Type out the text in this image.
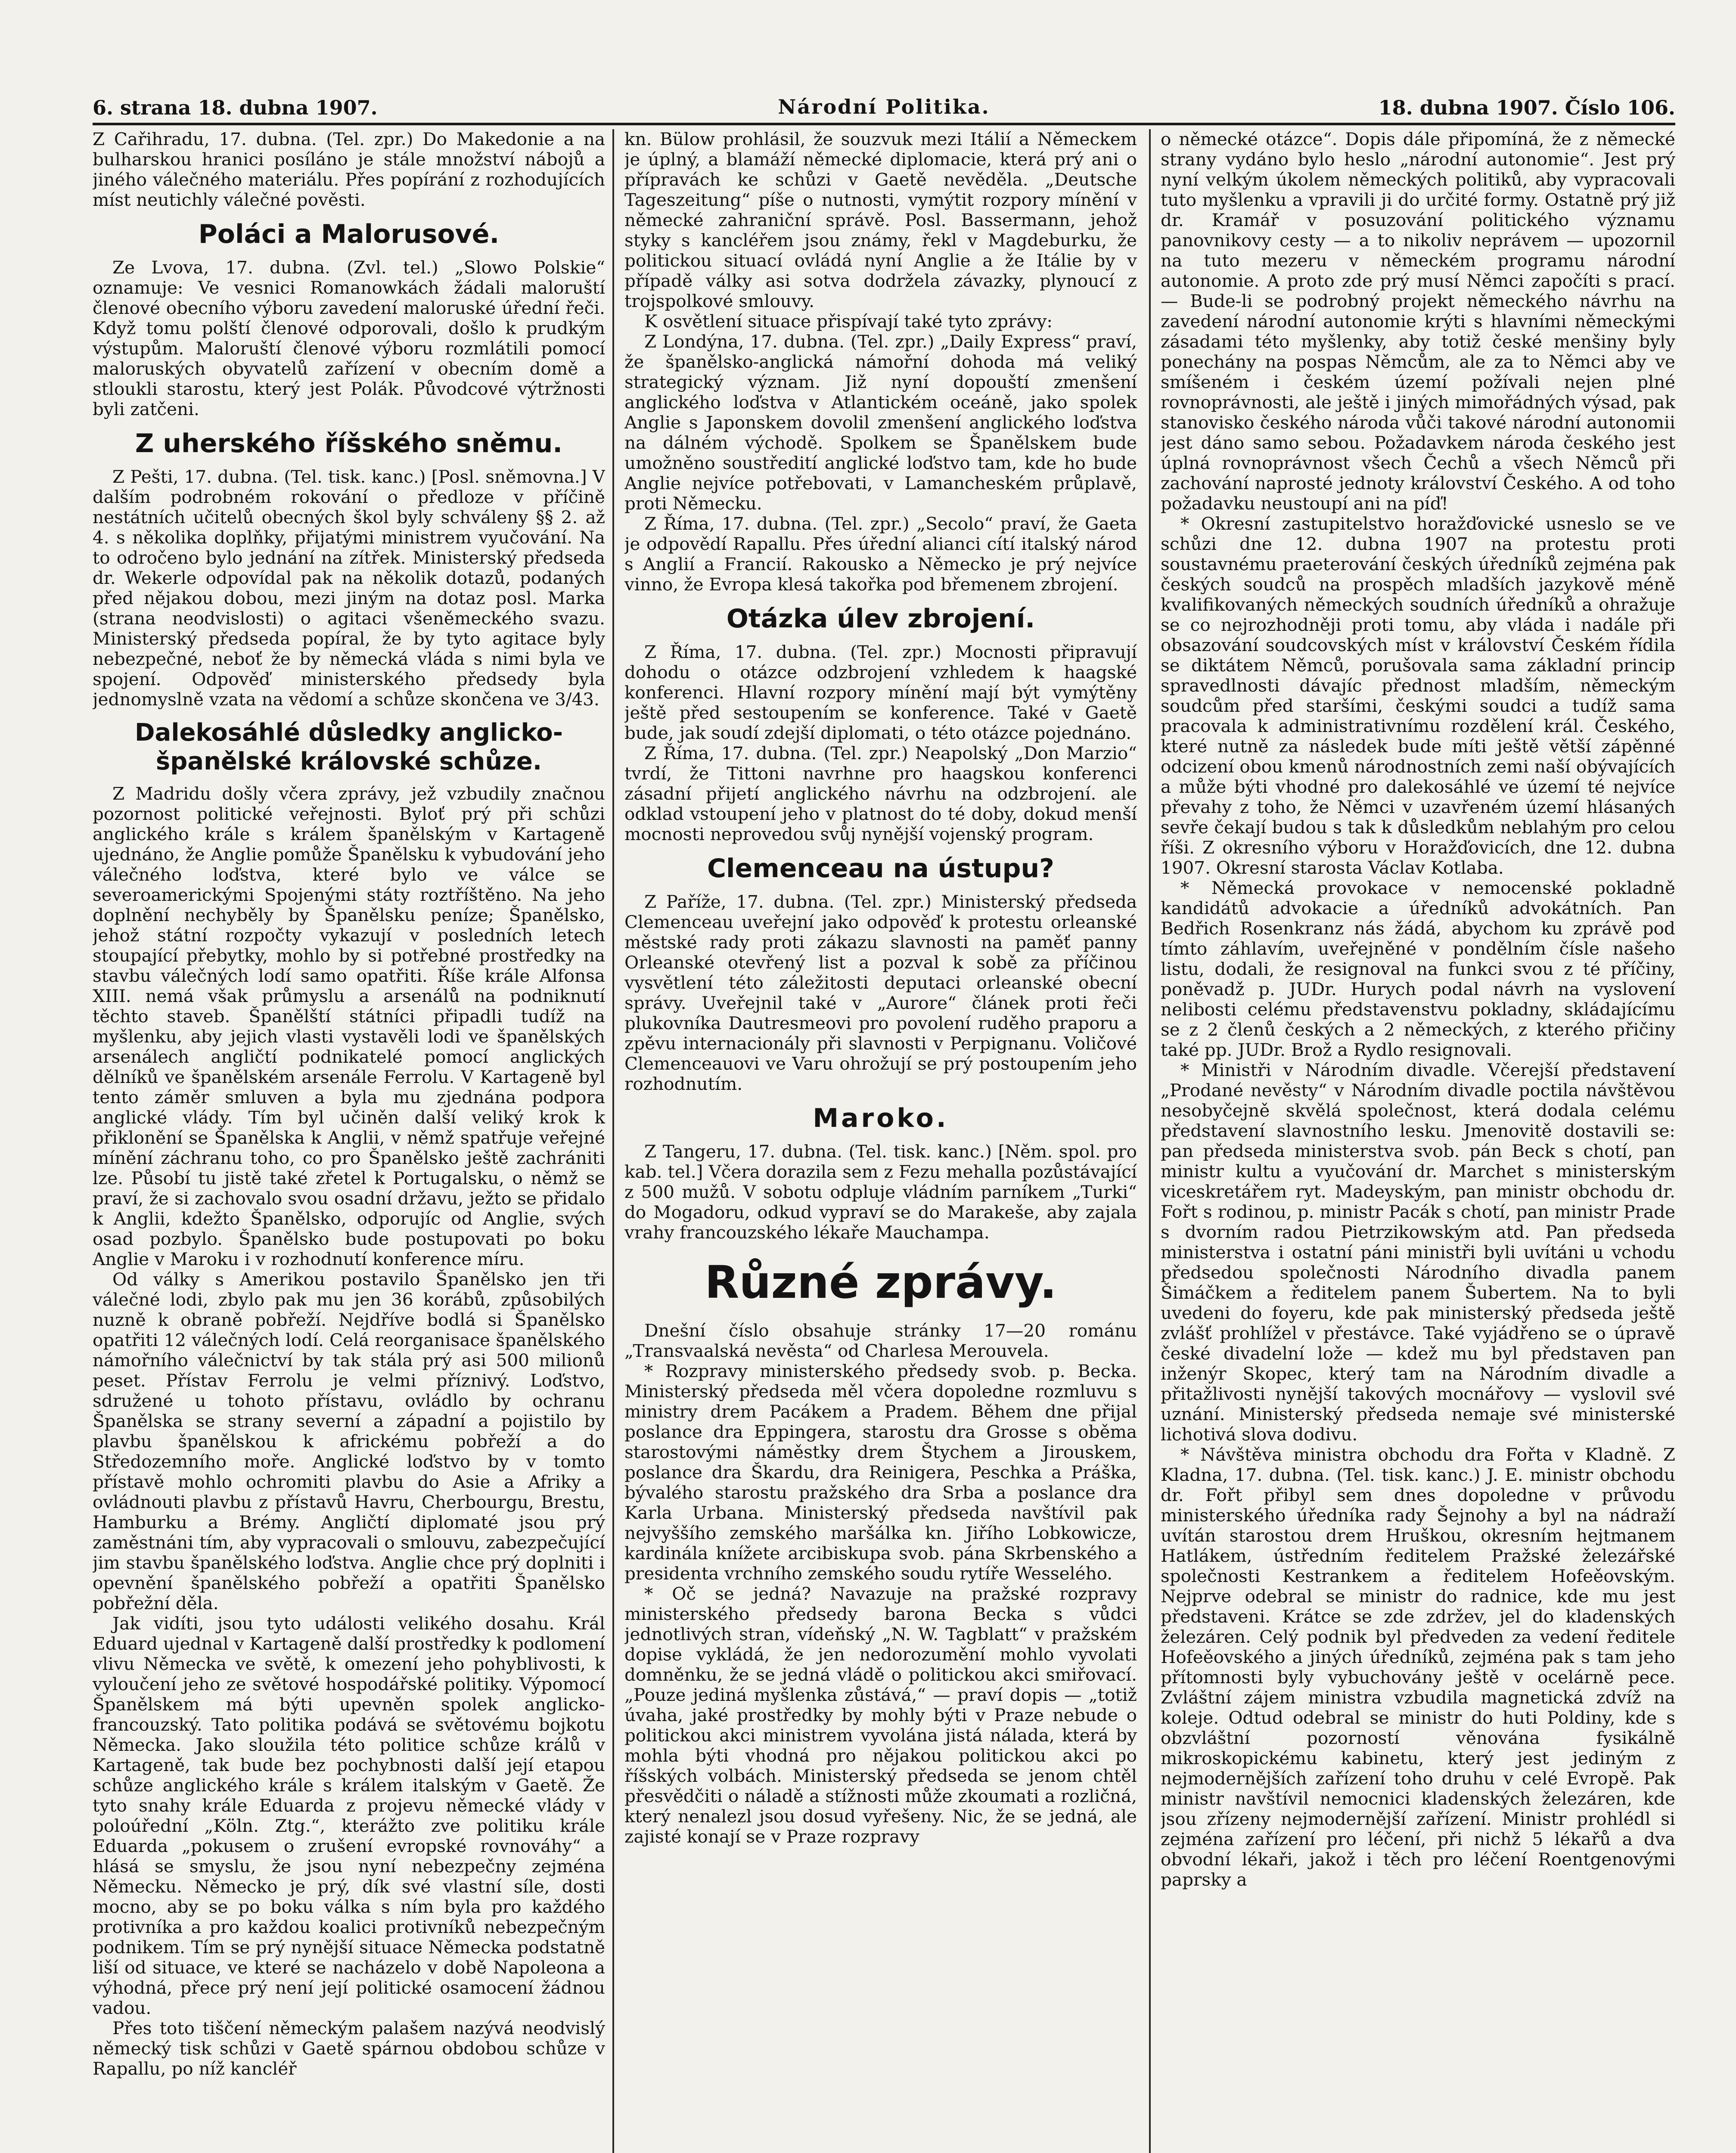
6. strana 18. dubna 1907.	Národní Politika.	18. dubna 1907. Číslo 106.

Z Cařihradu, 17. dubna. (Tel. zpr.) Do Makedonie a na bulharskou hranici posíláno je stále množství nábojů a jiného válečného materiálu. Přes popírání z rozhodujících míst neutichly válečné pověsti.

Poláci a Malorusové.

Ze Lvova, 17. dubna. (Zvl. tel.) „Slowo Polskie“ oznamuje: Ve vesnici Romanowkách žádali maloruští členové obecního výboru zavedení maloruské úřední řeči. Když tomu polští členové odporovali, došlo k prudkým výstupům. Maloruští členové výboru rozmlátili pomocí maloruských obyvatelů zařízení v obecním domě a stloukli starostu, který jest Polák. Původcové výtržnosti byli zatčeni.

Z uherského říšského sněmu.

Z Pešti, 17. dubna. (Tel. tisk. kanc.) [Posl. sněmovna.] V dalším podrobném rokování o předloze v příčině nestátních učitelů obecných škol byly schváleny §§ 2. až 4. s několika doplňky, přijatými ministrem vyučování. Na to odročeno bylo jednání na zítřek. Ministerský předseda dr. Wekerle odpovídal pak na několik dotazů, podaných před nějakou dobou, mezi jiným na dotaz posl. Marka (strana neodvislosti) o agitaci všeněmeckého svazu. Ministerský předseda popíral, že by tyto agitace byly nebezpečné, neboť že by německá vláda s nimi byla ve spojení. Odpověď ministerského předsedy byla jednomyslně vzata na vědomí a schůze skončena ve 3/43.

Dalekosáhlé důsledky anglicko-španělské královské schůze.

Z Madridu došly včera zprávy, jež vzbudily značnou pozornost politické veřejnosti. Byloť prý při schůzi anglického krále s králem španělským v Kartageně ujednáno, že Anglie pomůže Španělsku k vybudování jeho válečného loďstva, které bylo ve válce se severoamerickými Spojenými státy roztříštěno. Na jeho doplnění nechyběly by Španělsku peníze; Španělsko, jehož státní rozpočty vykazují v posledních letech stoupající přebytky, mohlo by si potřebné prostředky na stavbu válečných lodí samo opatřiti. Říše krále Alfonsa XIII. nemá však průmyslu a arsenálů na podniknutí těchto staveb. Španělští státníci připadli tudíž na myšlenku, aby jejich vlasti vystavěli lodi ve španělských arsenálech angličtí podnikatelé pomocí anglických dělníků ve španělském arsenále Ferrolu. V Kartageně byl tento záměr smluven a byla mu zjednána podpora anglické vlády. Tím byl učiněn další veliký krok k přiklonění se Španělska k Anglii, v němž spatřuje veřejné mínění záchranu toho, co pro Španělsko ještě zachrániti lze. Působí tu jistě také zřetel k Portugalsku, o němž se praví, že si zachovalo svou osadní državu, ježto se přidalo k Anglii, kdežto Španělsko, odporujíc od Anglie, svých osad pozbylo. Španělsko bude postupovati po boku Anglie v Maroku i v rozhodnutí konference míru.

Od války s Amerikou postavilo Španělsko jen tři válečné lodi, zbylo pak mu jen 36 korábů, způsobilých nuzně k obraně pobřeží. Nejdříve bodlá si Španělsko opatřiti 12 válečných lodí. Celá reorganisace španělského námořního válečnictví by tak stála prý asi 500 milionů peset. Přístav Ferrolu je velmi příznivý. Loďstvo, sdružené u tohoto přístavu, ovládlo by ochranu Španělska se strany severní a západní a pojistilo by plavbu španělskou k africkému pobřeží a do Středozemního moře. Anglické loďstvo by v tomto přístavě mohlo ochromiti plavbu do Asie a Afriky a ovládnouti plavbu z přístavů Havru, Cherbourgu, Brestu, Hamburku a Brémy. Angličtí diplomaté jsou prý zaměstnáni tím, aby vypracovali o smlouvu, zabezpečující jim stavbu španělského loďstva. Anglie chce prý doplniti i opevnění španělského pobřeží a opatřiti Španělsko pobřežní děla.

Jak vidíti, jsou tyto události velikého dosahu. Král Eduard ujednal v Kartageně další prostředky k podlomení vlivu Německa ve světě, k omezení jeho pohyblivosti, k vyloučení jeho ze světové hospodářské politiky. Výpomocí Španělskem má býti upevněn spolek anglicko-francouzský. Tato politika podává se světovému bojkotu Německa. Jako sloužila této politice schůze králů v Kartageně, tak bude bez pochybnosti další její etapou schůze anglického krále s králem italským v Gaetě. Že tyto snahy krále Eduarda z projevu německé vlády v poloúřední „Köln. Ztg.“, kterážto zve politiku krále Eduarda „pokusem o zrušení evropské rovnováhy“ a hlásá se smyslu, že jsou nyní nebezpečny zejména Německu. Německo je prý, dík své vlastní síle, dosti mocno, aby se po boku válka s ním byla pro každého protivníka a pro každou koalici protivníků nebezpečným podnikem. Tím se prý nynější situace Německa podstatně liší od situace, ve které se nacházelo v době Napoleona a výhodná, přece prý není její politické osamocení žádnou vadou.

Přes toto tiščení německým palašem nazývá neodvislý německý tisk schůzi v Gaetě spárnou obdobou schůze v Rapallu, po níž kancléř

kn. Bülow prohlásil, že souzvuk mezi Itálií a Německem je úplný, a blamáží německé diplomacie, která prý ani o přípravách ke schůzi v Gaetě nevěděla. „Deutsche Tageszeitung“ píše o nutnosti, vymýtit rozpory mínění v německé zahraniční správě. Posl. Bassermann, jehož styky s kancléřem jsou známy, řekl v Magdeburku, že politickou situací ovládá nyní Anglie a že Itálie by v případě války asi sotva dodržela závazky, plynoucí z trojspolkové smlouvy.

K osvětlení situace přispívají také tyto zprávy:

Z Londýna, 17. dubna. (Tel. zpr.) „Daily Express“ praví, že španělsko-anglická námořní dohoda má veliký strategický význam. Již nyní dopouští zmenšení anglického loďstva v Atlantickém oceáně, jako spolek Anglie s Japonskem dovolil zmenšení anglického loďstva na dálném východě. Spolkem se Španělskem bude umožněno soustředití anglické loďstvo tam, kde ho bude Anglie nejvíce potřebovati, v Lamancheském průplavě, proti Německu.

Z Říma, 17. dubna. (Tel. zpr.) „Secolo“ praví, že Gaeta je odpovědí Rapallu. Přes úřední alianci cítí italský národ s Anglií a Francií. Rakousko a Německo je prý nejvíce vinno, že Evropa klesá takořka pod břemenem zbrojení.

Otázka úlev zbrojení.

Z Říma, 17. dubna. (Tel. zpr.) Mocnosti připravují dohodu o otázce odzbrojení vzhledem k haagské konferenci. Hlavní rozpory mínění mají být vymýtěny ještě před sestoupením se konference. Také v Gaetě bude, jak soudí zdejší diplomati, o této otázce pojednáno.

Z Říma, 17. dubna. (Tel. zpr.) Neapolský „Don Marzio“ tvrdí, že Tittoni navrhne pro haagskou konferenci zásadní přijetí anglického návrhu na odzbrojení. ale odklad vstoupení jeho v platnost do té doby, dokud menší mocnosti neprovedou svůj nynější vojenský program.

Clemenceau na ústupu?

Z Paříže, 17. dubna. (Tel. zpr.) Ministerský předseda Clemenceau uveřejní jako odpověď k protestu orleanské městské rady proti zákazu slavnosti na paměť panny Orleanské otevřený list a pozval k sobě za příčinou vysvětlení této záležitosti deputaci orleanské obecní správy. Uveřejnil také v „Aurore“ článek proti řeči plukovníka Dautresmeovi pro povolení ruděho praporu a zpěvu internacionály při slavnosti v Perpignanu. Voličové Clemenceauovi ve Varu ohrožují se prý postoupením jeho rozhodnutím.

Maroko.

Z Tangeru, 17. dubna. (Tel. tisk. kanc.) [Něm. spol. pro kab. tel.] Včera dorazila sem z Fezu mehalla pozůstávající z 500 mužů. V sobotu odpluje vládním parníkem „Turki“ do Mogadoru, odkud vypraví se do Marakeše, aby zajala vrahy francouzského lékaře Mauchampa.

Různé zprávy.

Dnešní číslo obsahuje stránky 17—20 románu „Transvaalská nevěsta“ od Charlesa Merouvela.

* Rozpravy ministerského předsedy svob. p. Becka. Ministerský předseda měl včera dopoledne rozmluvu s ministry drem Pacákem a Pradem. Během dne přijal poslance dra Eppingera, starostu dra Grosse s oběma starostovými náměstky drem Štychem a Jirouskem, poslance dra Škardu, dra Reinigera, Peschka a Práška, bývalého starostu pražského dra Srba a poslance dra Karla Urbana. Ministerský předseda navštívil pak nejvyššího zemského maršálka kn. Jiřího Lobkowicze, kardinála knížete arcibiskupa svob. pána Skrbenského a presidenta vrchního zemského soudu rytíře Wesselého.

* Oč se jedná? Navazuje na pražské rozpravy ministerského předsedy barona Becka s vůdci jednotlivých stran, vídeňský „N. W. Tagblatt“ v pražském dopise vykládá, že jen nedorozumění mohlo vyvolati domněnku, že se jedná vládě o politickou akci smiřovací. „Pouze jediná myšlenka zůstává,“ — praví dopis — „totiž úvaha, jaké prostředky by mohly býti v Praze nebude o politickou akci ministrem vyvolána jistá nálada, která by mohla býti vhodná pro nějakou politickou akci po říšských volbách. Ministerský předseda se jenom chtěl přesvědčiti o náladě a stížnosti může zkoumati a rozličná, který nenalezl jsou dosud vyřešeny. Nic, že se jedná, ale zajisté konají se v Praze rozpravy

o německé otázce“. Dopis dále připomíná, že z německé strany vydáno bylo heslo „národní autonomie“. Jest prý nyní velkým úkolem německých politiků, aby vypracovali tuto myšlenku a vpravili ji do určité formy. Ostatně prý již dr. Kramář v posuzování politického významu panovnikovy cesty — a to nikoliv neprávem — upozornil na tuto mezeru v německém programu národní autonomie. A proto zde prý musí Němci započíti s prací. — Bude-li se podrobný projekt německého návrhu na zavedení národní autonomie krýti s hlavními německými zásadami této myšlenky, aby totiž české menšiny byly ponechány na pospas Němcům, ale za to Němci aby ve smíšeném i českém území požívali nejen plné rovnoprávnosti, ale ještě i jiných mimořádných výsad, pak stanovisko českého národa vůči takové národní autonomii jest dáno samo sebou. Požadavkem národa českého jest úplná rovnoprávnost všech Čechů a všech Němců při zachování naprosté jednoty království Českého. A od toho požadavku neustoupí ani na píď!

* Okresní zastupitelstvo horažďovické usneslo se ve schůzi dne 12. dubna 1907 na protestu proti soustavnému praeterování českých úředníků zejména pak českých soudců na prospěch mladších jazykově méně kvalifikovaných německých soudních úředníků a ohražuje se co nejrozhodněji proti tomu, aby vláda i nadále při obsazování soudcovských míst v království Českém řídila se diktátem Němců, porušovala sama základní princip spravedlnosti dávajíc přednost mladším, německým soudcům před staršími, českými soudci a tudíž sama pracovala k administrativnímu rozdělení král. Českého, které nutně za následek bude míti ještě větší zápěnné odcizení obou kmenů národnostních zemi naší obývajících a může býti vhodné pro dalekosáhlé ve území té nejvíce převahy z toho, že Němci v uzavřeném území hlásaných sevře čekají budou s tak k důsledkům neblahým pro celou říši. Z okresního výboru v Horažďovicích, dne 12. dubna 1907. Okresní starosta Václav Kotlaba.

* Německá provokace v nemocenské pokladně kandidátů advokacie a úředníků advokátních. Pan Bedřich Rosenkranz nás žádá, abychom ku zprávě pod tímto záhlavím, uveřejněné v pondělním čísle našeho listu, dodali, že resignoval na funkci svou z té příčiny, poněvadž p. JUDr. Hurych podal návrh na vyslovení nelibosti celému představenstvu pokladny, skládajícímu se z 2 členů českých a 2 německých, z kterého přičiny také pp. JUDr. Brož a Rydlo resignovali.

* Ministři v Národním divadle. Včerejší představení „Prodané nevěsty“ v Národním divadle poctila návštěvou nesobyčejně skvělá společnost, která dodala celému představení slavnostního lesku. Jmenovitě dostavili se: pan předseda ministerstva svob. pán Beck s chotí, pan ministr kultu a vyučování dr. Marchet s ministerským viceskretářem ryt. Madeyským, pan ministr obchodu dr. Fořt s rodinou, p. ministr Pacák s chotí, pan ministr Prade s dvorním radou Pietrzikowským atd. Pan předseda ministerstva i ostatní páni ministři byli uvítáni u vchodu předsedou společnosti Národního divadla panem Šimáčkem a ředitelem panem Šubertem. Na to byli uvedeni do foyeru, kde pak ministerský předseda ještě zvlášť prohlížel v přestávce. Také vyjádřeno se o úpravě české divadelní lože — kdež mu byl představen pan inženýr Skopec, který tam na Národním divadle a přitažlivosti nynější takových mocnářovy — vyslovil své uznání. Ministerský předseda nemaje své ministerské lichotivá slova dodivu.

* Návštěva ministra obchodu dra Fořta v Kladně. Z Kladna, 17. dubna. (Tel. tisk. kanc.) J. E. ministr obchodu dr. Fořt přibyl sem dnes dopoledne v průvodu ministerského úředníka rady Šejnohy a byl na nádraží uvítán starostou drem Hruškou, okresním hejtmanem Hatlákem, ústředním ředitelem Pražské železářské společnosti Kestrankem a ředitelem Hofeěovským. Nejprve odebral se ministr do radnice, kde mu jest představeni. Krátce se zde zdržev, jel do kladenských železáren. Celý podnik byl předveden za vedení ředitele Hofeěovského a jiných úředníků, zejména pak s tam jeho přítomnosti byly vybuchovány ještě v ocelárně pece. Zvláštní zájem ministra vzbudila magnetická zdvíž na koleje. Odtud odebral se ministr do huti Poldiny, kde s obzvláštní pozorností věnována fysikálně mikroskopickému kabinetu, který jest jediným z nejmodernějších zařízení toho druhu v celé Evropě. Pak ministr navštívil nemocnici kladenských železáren, kde jsou zřízeny nejmodernější zařízení. Ministr prohlédl si zejména zařízení pro léčení, při nichž 5 lékařů a dva obvodní lékaři, jakož i těch pro léčení Roentgenovými paprsky a
